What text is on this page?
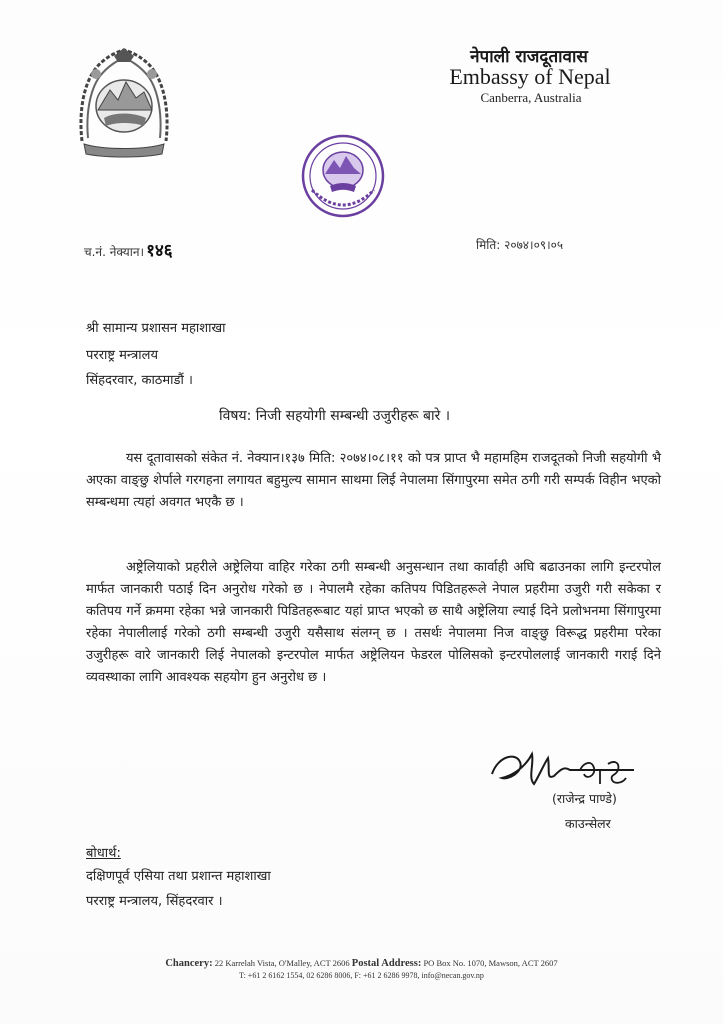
नेपाली राजदूतावास
Embassy of Nepal
Canberra, Australia
च.नं. नेक्यान। १४६	मिति: २०७४।०९।०५
श्री सामान्य प्रशासन महाशाखा
परराष्ट्र मन्त्रालय
सिंहदरवार, काठमाडौं ।
विषय: निजी सहयोगी सम्बन्धी उजुरीहरू बारे ।

यस दूतावासको संकेत नं. नेक्यान।१३७ मिति: २०७४।०८।११ को पत्र प्राप्त भै महामहिम राजदूतको निजी सहयोगी भै अएका वाङ्छु शेर्पाले गरगहना लगायत बहुमुल्य सामान साथमा लिई नेपालमा सिंगापुरमा समेत ठगी गरी सम्पर्क विहीन भएको सम्बन्धमा त्यहां अवगत भएकै छ ।

अष्ट्रेलियाको प्रहरीले अष्ट्रेलिया वाहिर गरेका ठगी सम्बन्धी अनुसन्धान तथा कार्वाही अघि बढाउनका लागि इन्टरपोल मार्फत जानकारी पठाई दिन अनुरोध गरेको छ । नेपालमै रहेका कतिपय पिडितहरूले नेपाल प्रहरीमा उजुरी गरी सकेका र कतिपय गर्ने क्रममा रहेका भन्ने जानकारी पिडितहरूबाट यहां प्राप्त भएको छ साथै अष्ट्रेलिया ल्याई दिने प्रलोभनमा सिंगापुरमा रहेका नेपालीलाई गरेको ठगी सम्बन्धी उजुरी यसैसाथ संलग्न् छ । तसर्थः नेपालमा निज वाङ्छु विरूद्ध प्रहरीमा परेका उजुरीहरू वारे जानकारी लिई नेपालको इन्टरपोल मार्फत अष्ट्रेलियन फेडरल पोलिसको इन्टरपोललाई जानकारी गराई दिने व्यवस्थाका लागि आवश्यक सहयोग हुन अनुरोध छ ।

(राजेन्द्र पाण्डे)
काउन्सेलर
बोधार्थ:
दक्षिणपूर्व एसिया तथा प्रशान्त महाशाखा
परराष्ट्र मन्त्रालय, सिंहदरवार ।
Chancery: 22 Karrelah Vista, O'Malley, ACT 2606 Postal Address: PO Box No. 1070, Mawson, ACT 2607
T: +61 2 6162 1554, 02 6286 8006, F: +61 2 6286 9978, info@necan.gov.np
